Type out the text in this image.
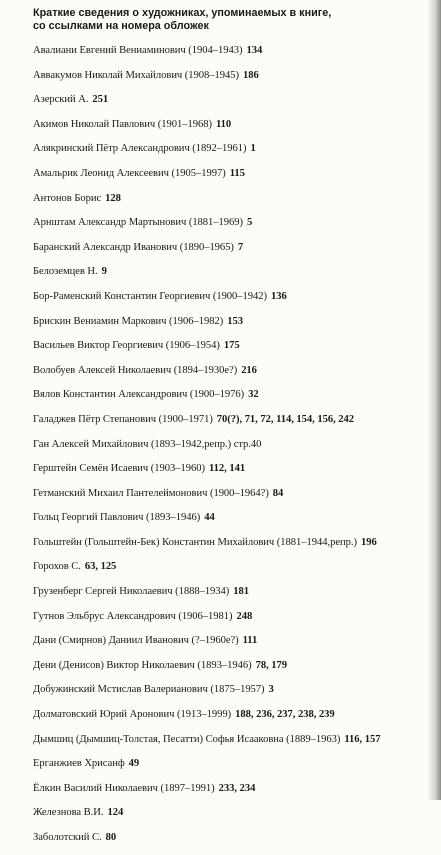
Краткие сведения о художниках, упоминаемых в книге,
со ссылками на номера обложек
Авалиани Евгений Вениаминович (1904–1943) 134
Аввакумов Николай Михайлович (1908–1945) 186
Азерский А. 251
Акимов Николай Павлович (1901–1968) 110
Алякринский Пётр Александрович (1892–1961) 1
Амальрик Леонид Алексеевич (1905–1997) 115
Антонов Борис 128
Арнштам Александр Мартынович (1881–1969) 5
Баранский Александр Иванович (1890–1965) 7
Белоземцев Н. 9
Бор-Раменский Константин Георгиевич (1900–1942) 136
Брискин Вениамин Маркович (1906–1982) 153
Васильев Виктор Георгиевич (1906–1954) 175
Волобуев Алексей Николаевич (1894–1930е?) 216
Вялов Константин Александрович (1900–1976) 32
Галаджев Пётр Степанович (1900–1971) 70(?), 71, 72, 114, 154, 156, 242
Ган Алексей Михайлович (1893–1942,репр.) стр.40
Герштейн Семён Исаевич (1903–1960) 112, 141
Гетманский Михаил Пантелеймонович (1900–1964?) 84
Гольц Георгий Павлович (1893–1946) 44
Гольштейн (Гольштейн-Бек) Константин Михайлович (1881–1944,репр.) 196
Горохов С. 63, 125
Грузенберг Сергей Николаевич (1888–1934) 181
Гутнов Эльбрус Александрович (1906–1981) 248
Дани (Смирнов) Даниил Иванович (?–1960е?) 111
Дени (Денисов) Виктор Николаевич (1893–1946) 78, 179
Добужинский Мстислав Валерианович (1875–1957) 3
Долматовский Юрий Аронович (1913–1999) 188, 236, 237, 238, 239
Дымшиц (Дымшиц-Толстая, Песатти) Софья Исааковна (1889–1963) 116, 157
Ерганжиев Хрисанф 49
Ёлкин Василий Николаевич (1897–1991) 233, 234
Железнова В.И. 124
Заболотский С. 80
